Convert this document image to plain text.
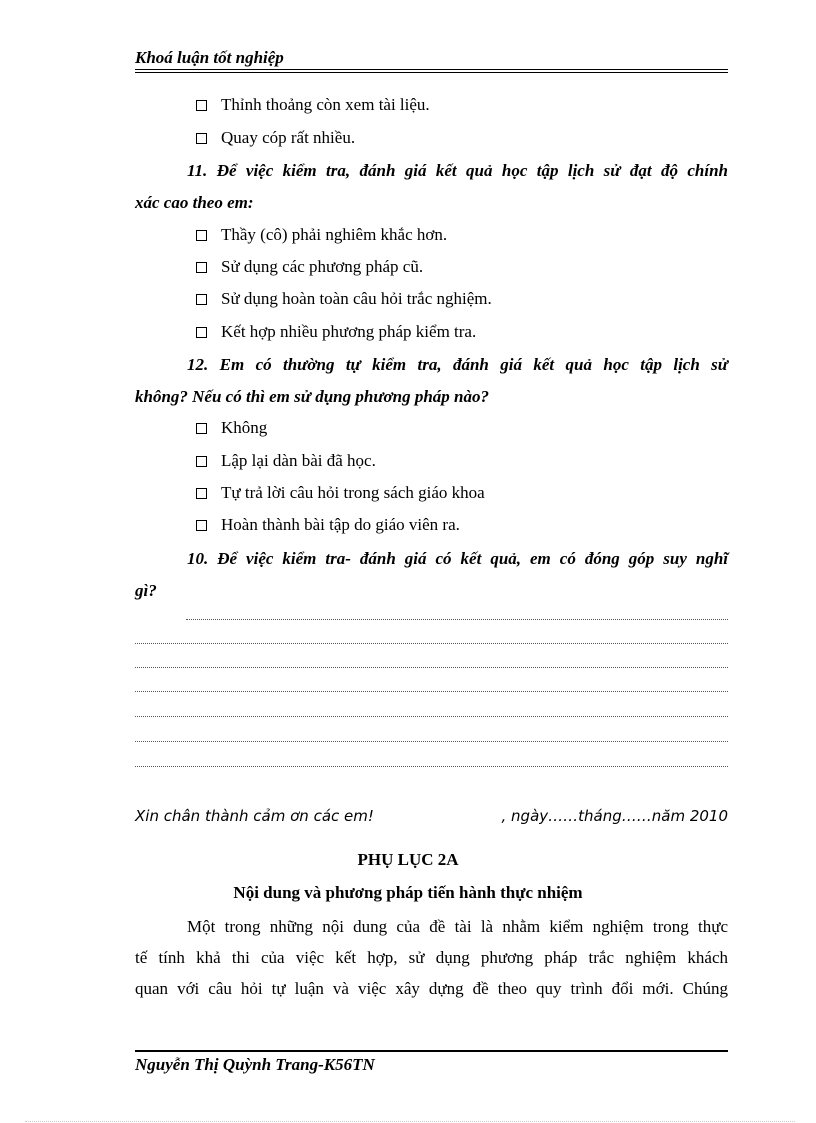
Khoá luận tốt nghiệp
Thỉnh thoảng còn xem tài liệu.
Quay cóp rất nhiều.
11. Để việc kiểm tra, đánh giá kết quả học tập lịch sử đạt độ chính
xác cao theo em:
Thầy (cô) phải nghiêm khắc hơn.
Sử dụng các phương pháp cũ.
Sử dụng hoàn toàn câu hỏi trắc nghiệm.
Kết hợp nhiều phương pháp kiểm tra.
12. Em có thường tự kiểm tra, đánh giá kết quả học tập lịch sử
không? Nếu có thì em sử dụng phương pháp nào?
Không
Lập lại dàn bài đã học.
Tự trả lời câu hỏi trong sách giáo khoa
Hoàn thành bài tập do giáo viên ra.
10. Để việc kiểm tra- đánh giá có kết quả, em có đóng góp suy nghĩ
gì?
Xin chân thành cảm ơn các em!	, ngày……tháng……năm 2010
PHỤ LỤC 2A
Nội dung và phương pháp tiến hành thực nhiệm
Một trong những nội dung của đề tài là nhằm kiểm nghiệm trong thực
tế tính khả thi của việc kết hợp, sử dụng phương pháp trắc nghiệm khách
quan với câu hỏi tự luận và việc xây dựng đề theo quy trình đổi mới. Chúng
Nguyễn Thị Quỳnh Trang-K56TN
